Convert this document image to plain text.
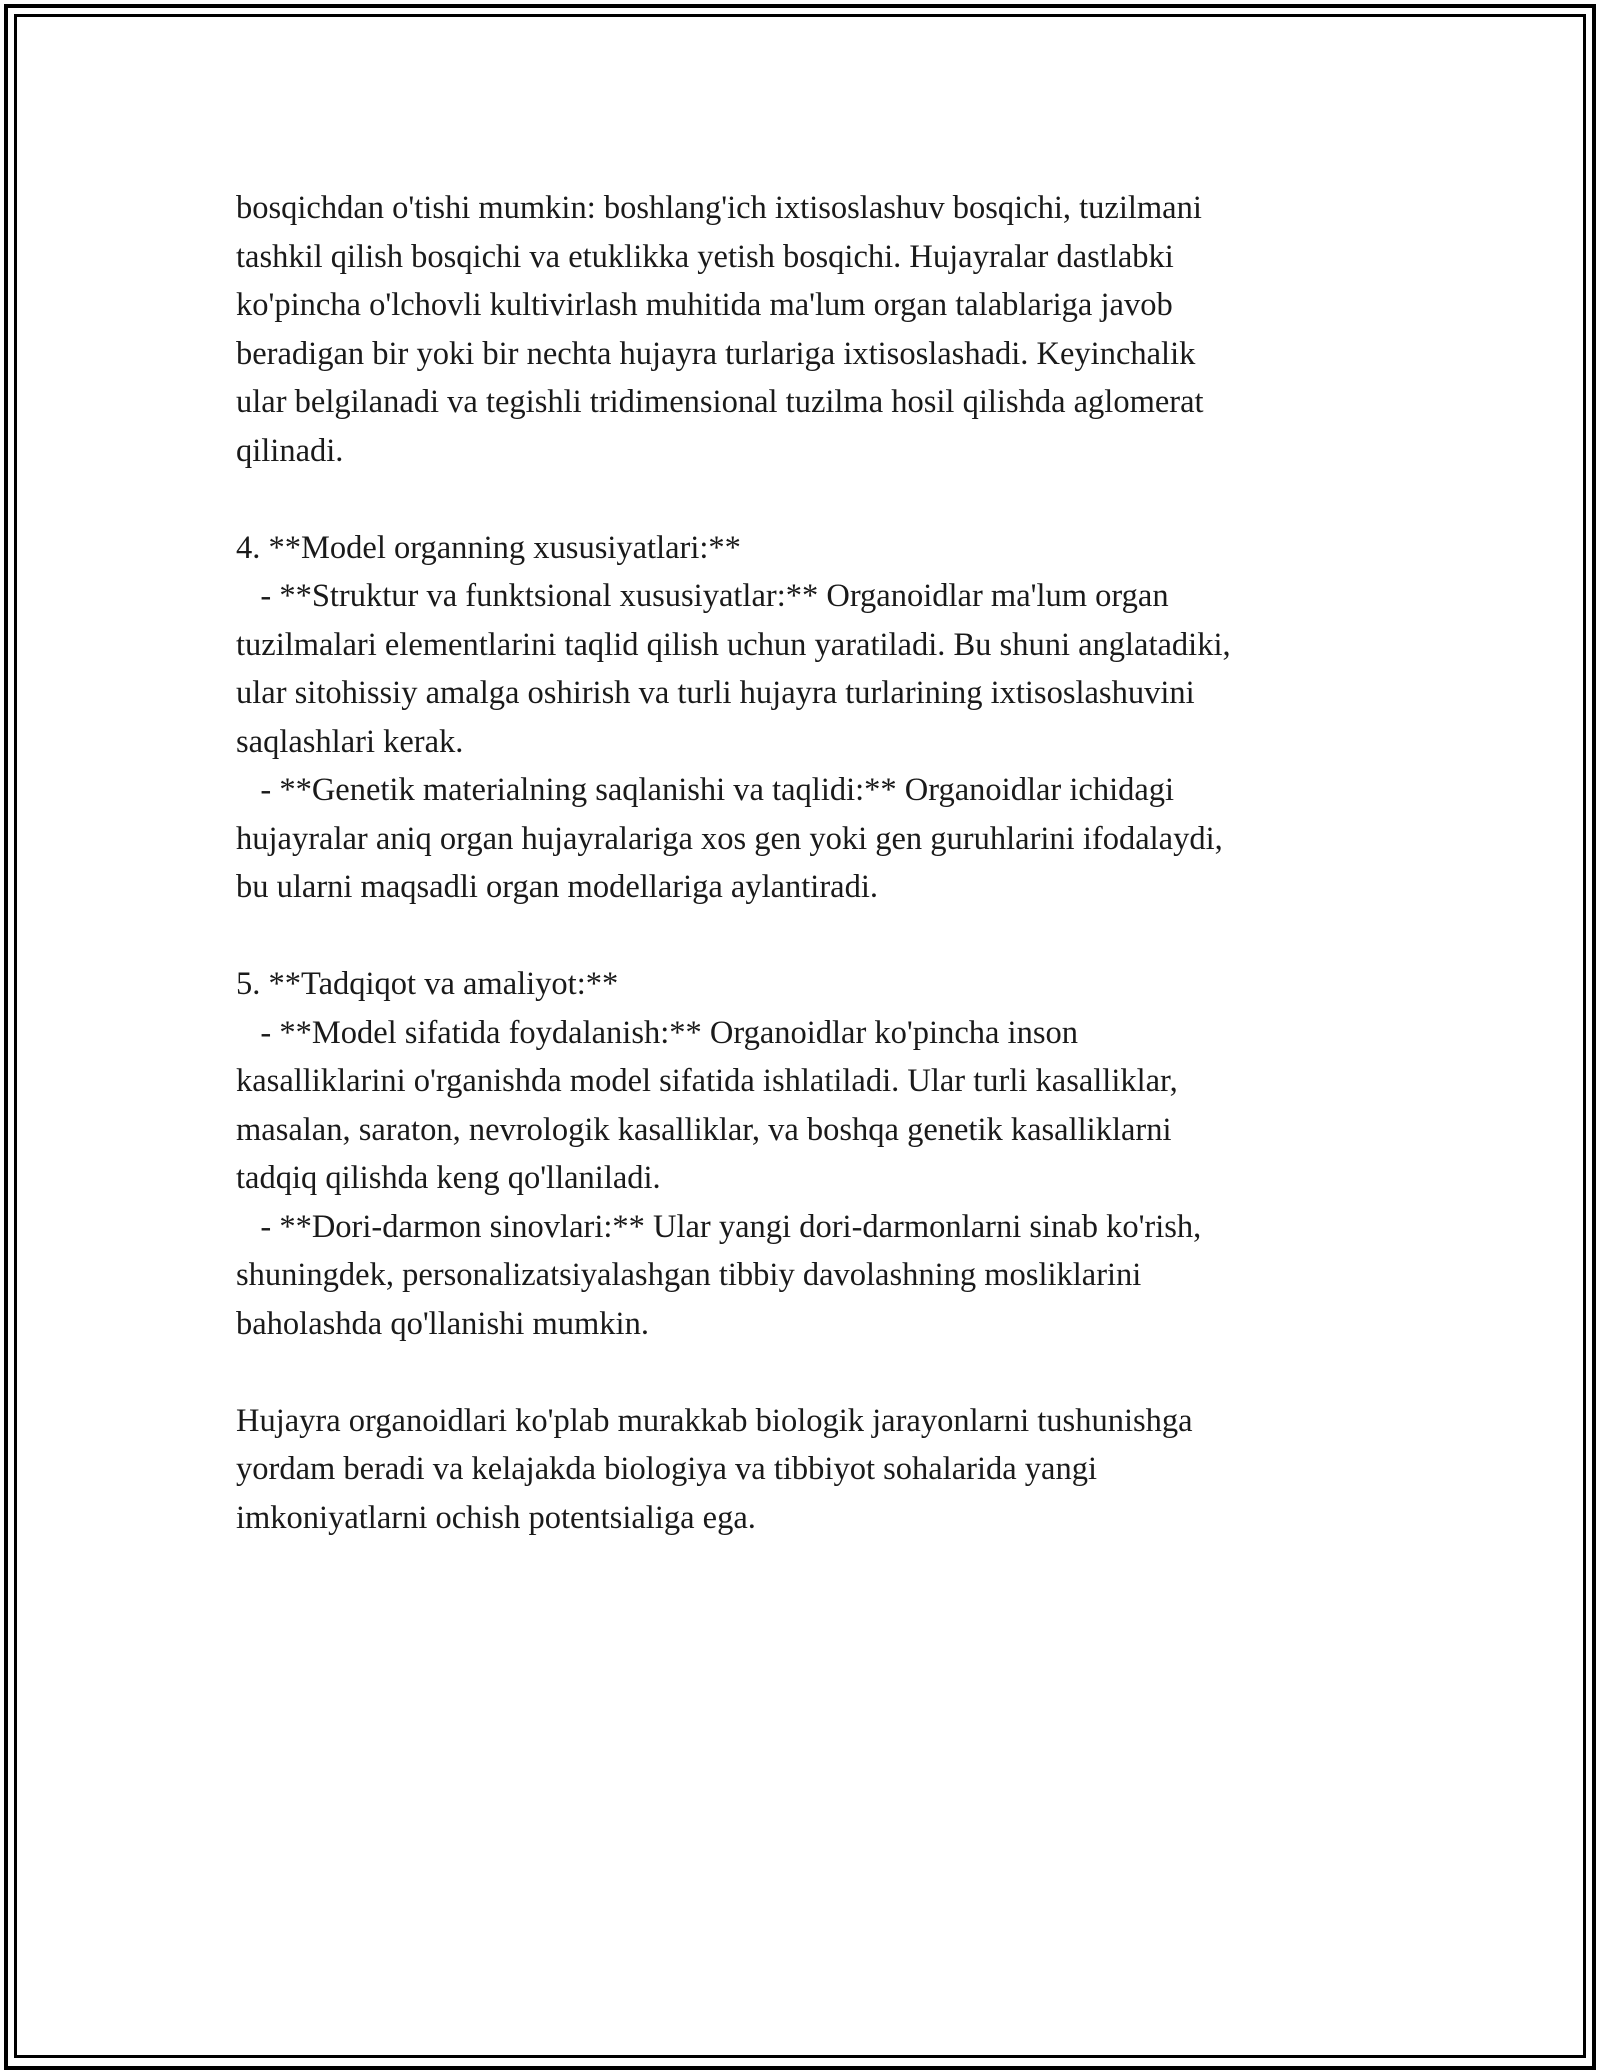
bosqichdan o'tishi mumkin: boshlang'ich ixtisoslashuv bosqichi, tuzilmani
tashkil qilish bosqichi va etuklikka yetish bosqichi. Hujayralar dastlabki
ko'pincha o'lchovli kultivirlash muhitida ma'lum organ talablariga javob
beradigan bir yoki bir nechta hujayra turlariga ixtisoslashadi. Keyinchalik
ular belgilanadi va tegishli tridimensional tuzilma hosil qilishda aglomerat
qilinadi.
4. **Model organning xususiyatlari:**
- **Struktur va funktsional xususiyatlar:** Organoidlar ma'lum organ
tuzilmalari elementlarini taqlid qilish uchun yaratiladi. Bu shuni anglatadiki,
ular sitohissiy amalga oshirish va turli hujayra turlarining ixtisoslashuvini
saqlashlari kerak.
- **Genetik materialning saqlanishi va taqlidi:** Organoidlar ichidagi
hujayralar aniq organ hujayralariga xos gen yoki gen guruhlarini ifodalaydi,
bu ularni maqsadli organ modellariga aylantiradi.
5. **Tadqiqot va amaliyot:**
- **Model sifatida foydalanish:** Organoidlar ko'pincha inson
kasalliklarini o'rganishda model sifatida ishlatiladi. Ular turli kasalliklar,
masalan, saraton, nevrologik kasalliklar, va boshqa genetik kasalliklarni
tadqiq qilishda keng qo'llaniladi.
- **Dori-darmon sinovlari:** Ular yangi dori-darmonlarni sinab ko'rish,
shuningdek, personalizatsiyalashgan tibbiy davolashning mosliklarini
baholashda qo'llanishi mumkin.
Hujayra organoidlari ko'plab murakkab biologik jarayonlarni tushunishga
yordam beradi va kelajakda biologiya va tibbiyot sohalarida yangi
imkoniyatlarni ochish potentsialiga ega.
